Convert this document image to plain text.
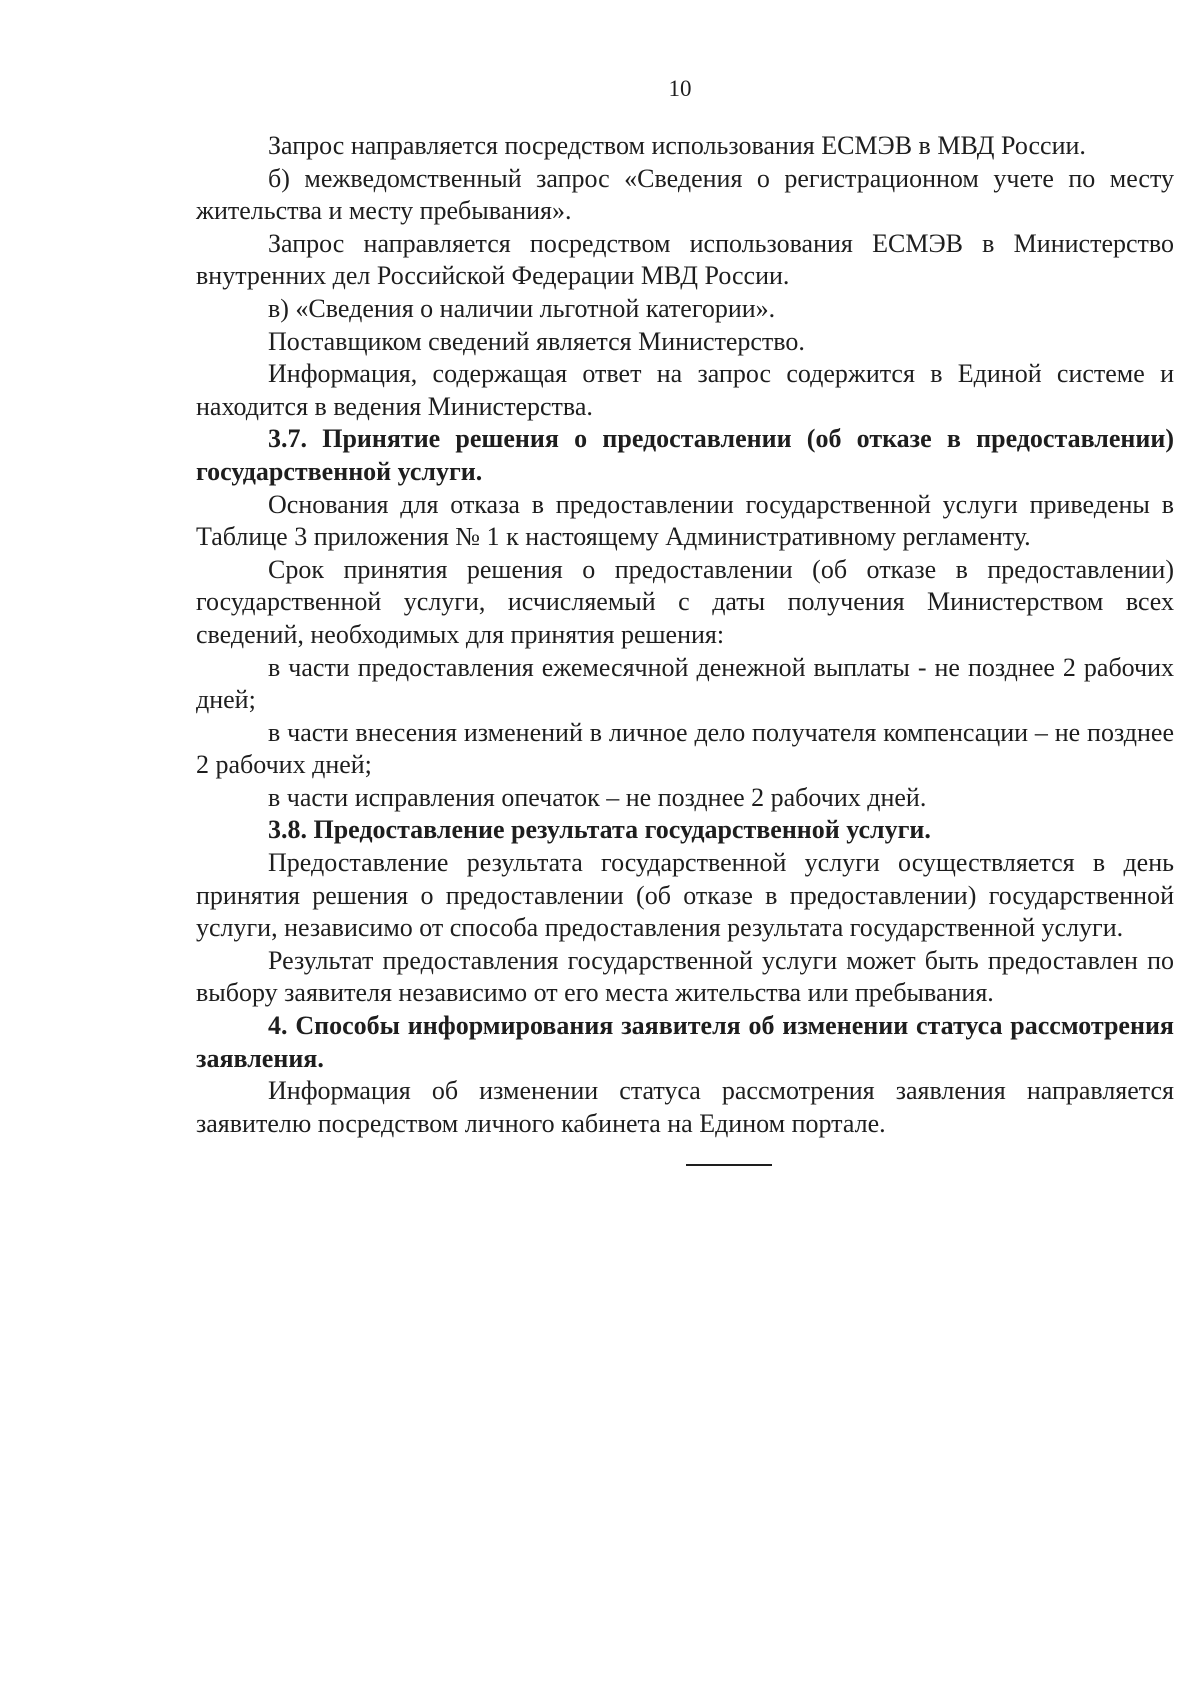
10

Запрос направляется посредством использования ЕСМЭВ в МВД России.

б) межведомственный запрос «Сведения о регистрационном учете по месту жительства и месту пребывания».

Запрос направляется посредством использования ЕСМЭВ в Министерство внутренних дел Российской Федерации МВД России.

в) «Сведения о наличии льготной категории».

Поставщиком сведений является Министерство.

Информация, содержащая ответ на запрос содержится в Единой системе и находится в ведения Министерства.

3.7. Принятие решения о предоставлении (об отказе в предоставлении) государственной услуги.

Основания для отказа в предоставлении государственной услуги приведены в Таблице 3 приложения № 1 к настоящему Административному регламенту.

Срок принятия решения о предоставлении (об отказе в предоставлении) государственной услуги, исчисляемый с даты получения Министерством всех сведений, необходимых для принятия решения:

в части предоставления ежемесячной денежной выплаты - не позднее 2 рабочих дней;

в части внесения изменений в личное дело получателя компенсации – не позднее 2 рабочих дней;

в части исправления опечаток – не позднее 2 рабочих дней.

3.8. Предоставление результата государственной услуги.

Предоставление результата государственной услуги осуществляется в день принятия решения о предоставлении (об отказе в предоставлении) государственной услуги, независимо от способа предоставления результата государственной услуги.

Результат предоставления государственной услуги может быть предоставлен по выбору заявителя независимо от его места жительства или пребывания.

4. Способы информирования заявителя об изменении статуса рассмотрения заявления.

Информация об изменении статуса рассмотрения заявления направляется заявителю посредством личного кабинета на Едином портале.
